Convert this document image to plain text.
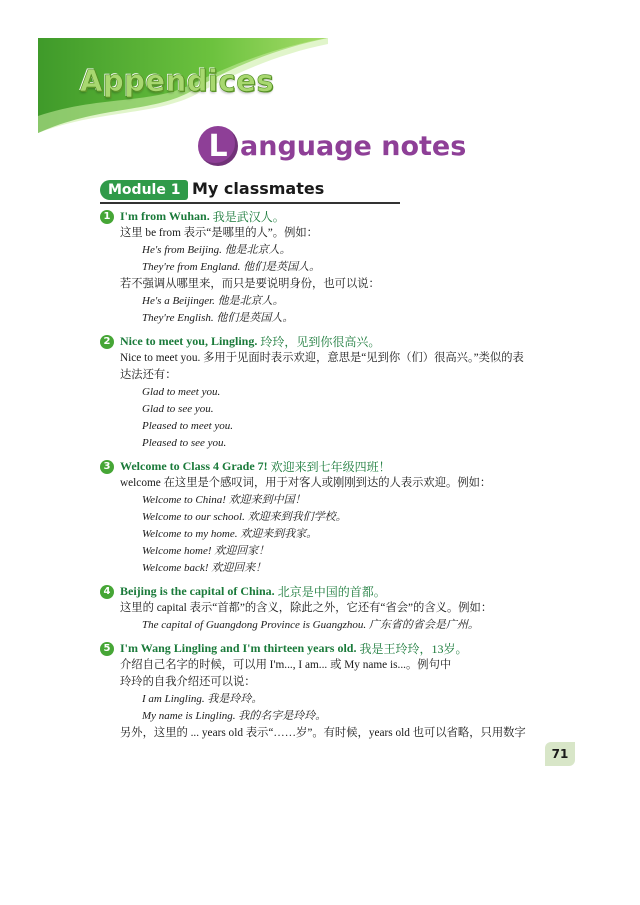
Appendices
L anguage notes
Module 1 My classmates
1 I'm from Wuhan. 我是武汉人。
这里 be from 表示“是哪里的人”。例如：
He's from Beijing. 他是北京人。
They're from England. 他们是英国人。
若不强调从哪里来，而只是要说明身份，也可以说：
He's a Beijinger. 他是北京人。
They're English. 他们是英国人。
2 Nice to meet you, Lingling. 玲玲，见到你很高兴。
Nice to meet you. 多用于见面时表示欢迎，意思是“见到你（们）很高兴。”类似的表
达法还有：
Glad to meet you.
Glad to see you.
Pleased to meet you.
Pleased to see you.
3 Welcome to Class 4 Grade 7! 欢迎来到七年级四班！
welcome 在这里是个感叹词，用于对客人或刚刚到达的人表示欢迎。例如：
Welcome to China! 欢迎来到中国！
Welcome to our school. 欢迎来到我们学校。
Welcome to my home. 欢迎来到我家。
Welcome home! 欢迎回家！
Welcome back! 欢迎回来！
4 Beijing is the capital of China. 北京是中国的首都。
这里的 capital 表示“首都”的含义，除此之外，它还有“省会”的含义。例如：
The capital of Guangdong Province is Guangzhou. 广东省的省会是广州。
5 I'm Wang Lingling and I'm thirteen years old. 我是王玲玲，13岁。
介绍自己名字的时候，可以用 I'm..., I am... 或 My name is...。例句中
玲玲的自我介绍还可以说：
I am Lingling. 我是玲玲。
My name is Lingling. 我的名字是玲玲。
另外，这里的 ... years old 表示“……岁”。有时候，years old 也可以省略，只用数字
71
